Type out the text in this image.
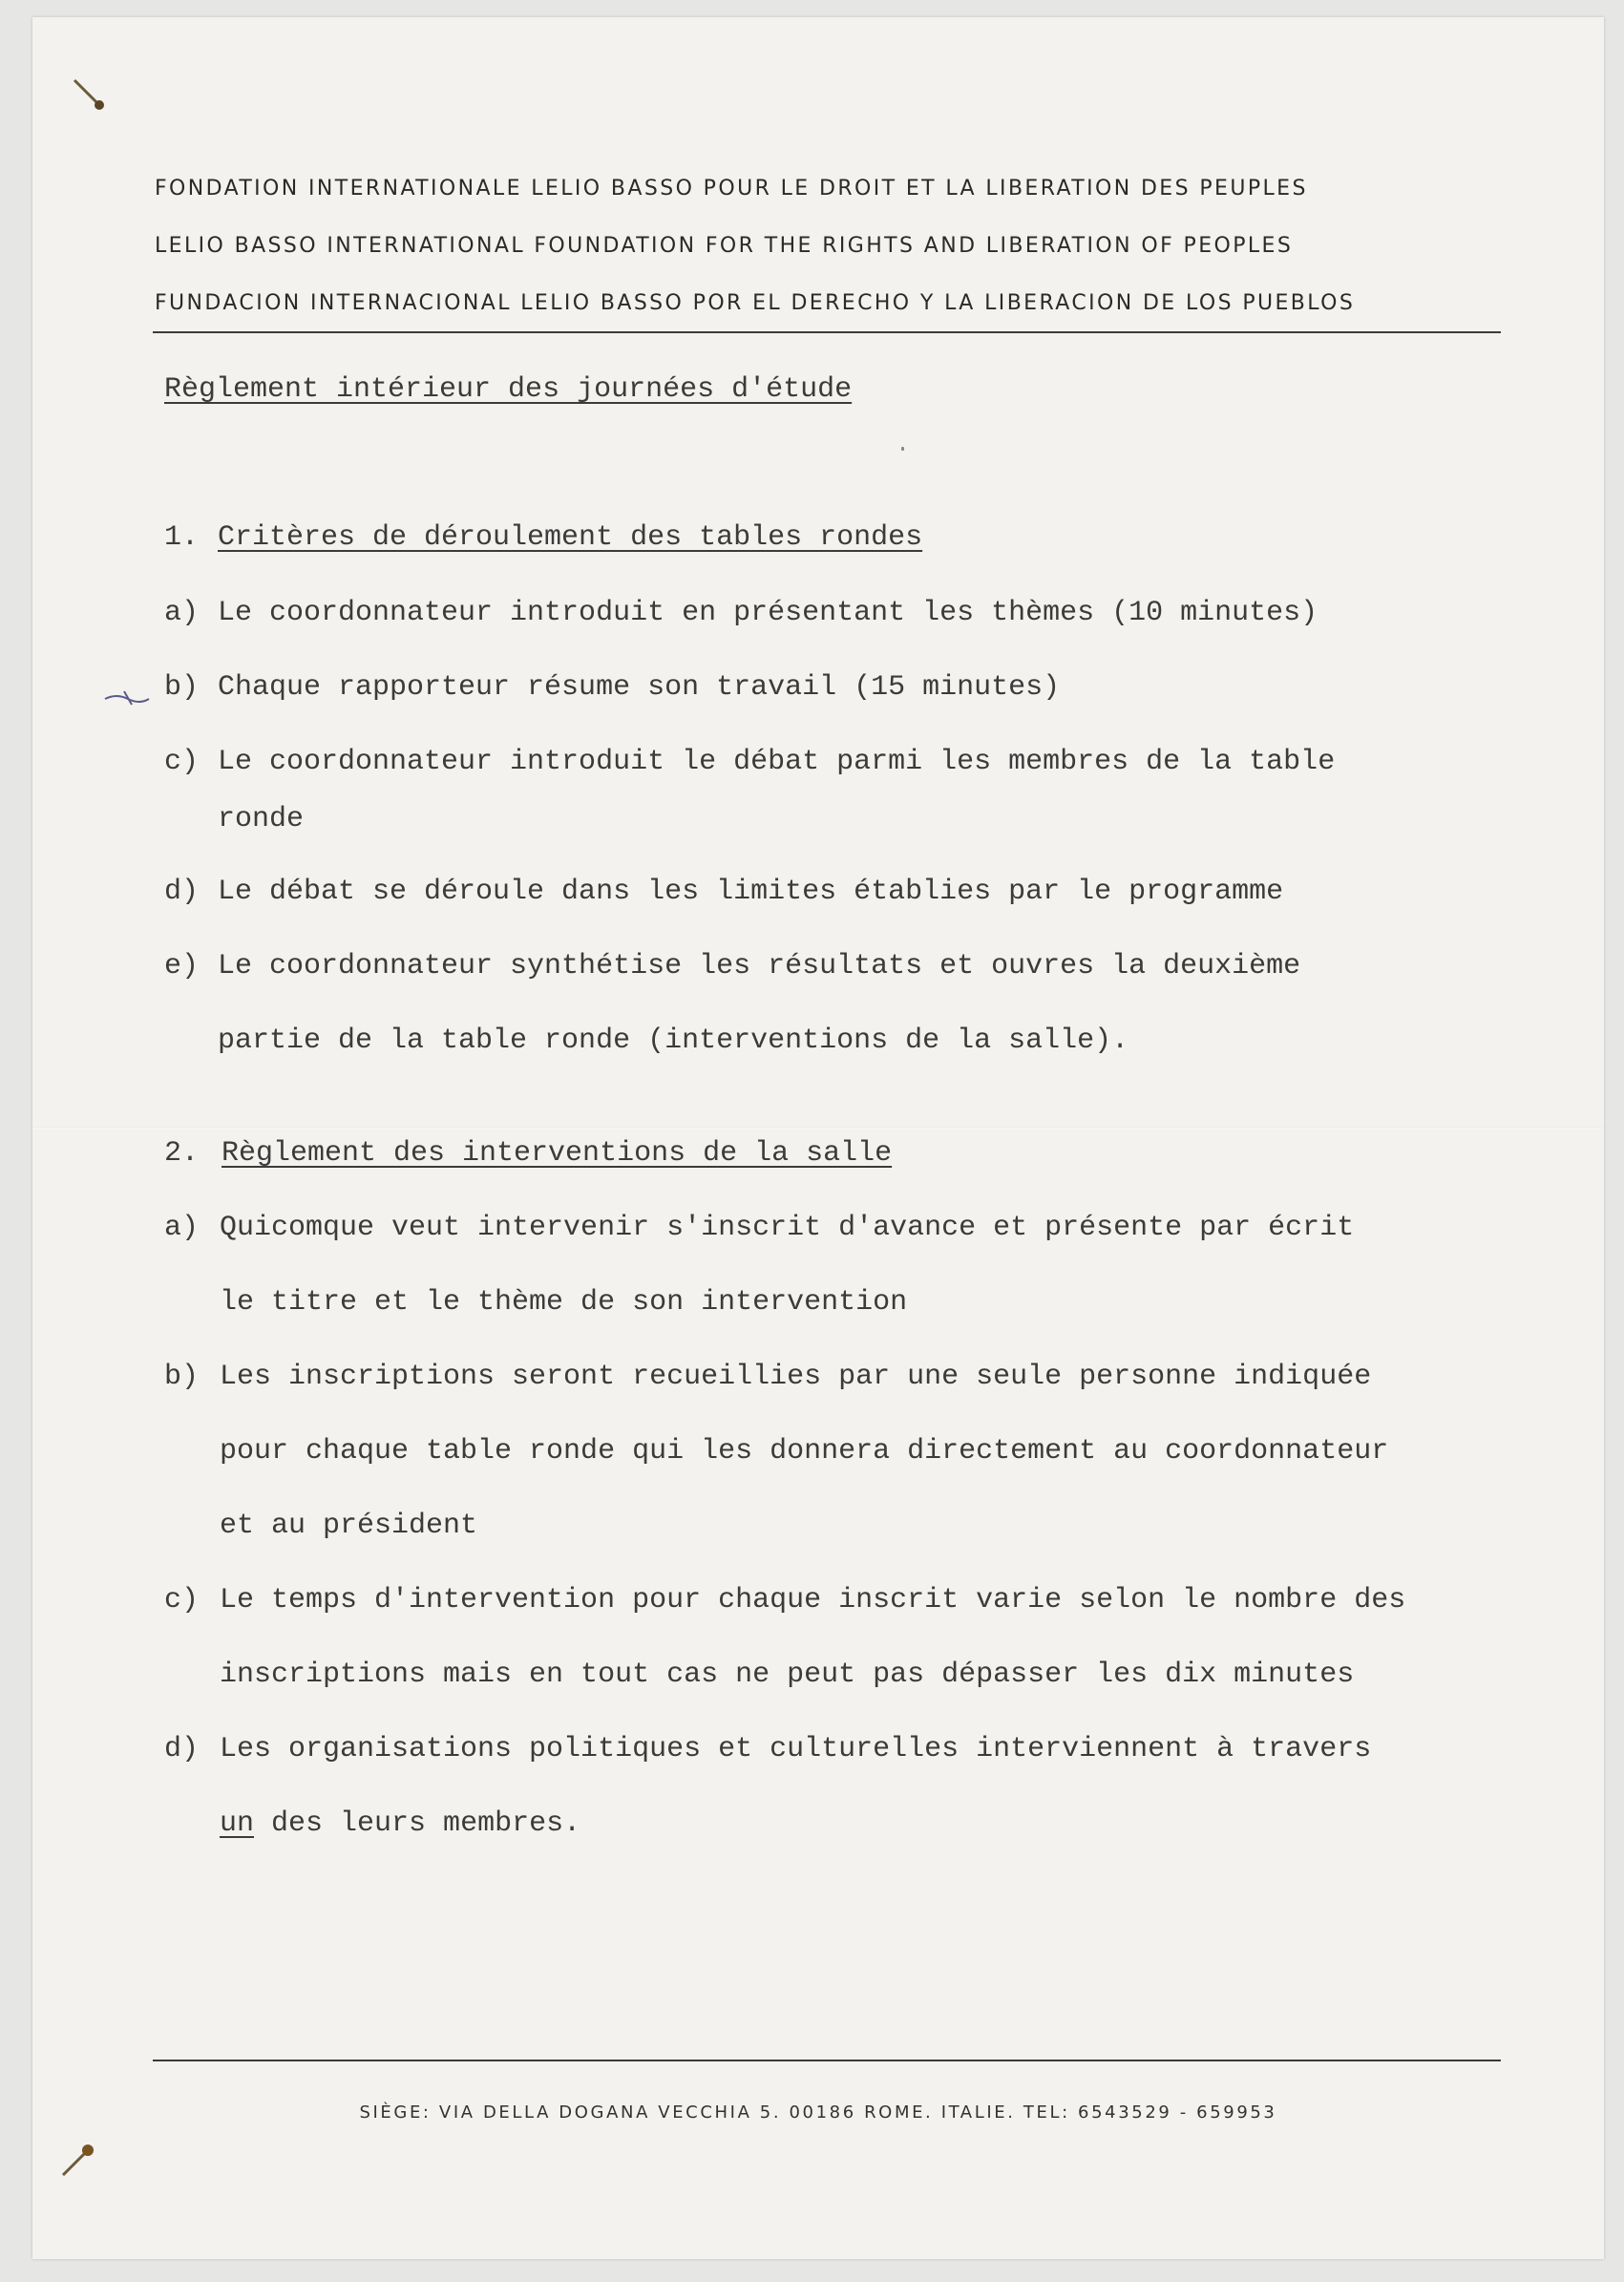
FONDATION INTERNATIONALE LELIO BASSO POUR LE DROIT ET LA LIBERATION DES PEUPLES
LELIO BASSO INTERNATIONAL FOUNDATION FOR THE RIGHTS AND LIBERATION OF PEOPLES
FUNDACION INTERNACIONAL LELIO BASSO POR EL DERECHO Y LA LIBERACION DE LOS PUEBLOS
Règlement intérieur des journées d'étude
1. Critères de déroulement des tables rondes
a) Le coordonnateur introduit en présentant les thèmes (10 minutes)
b) Chaque rapporteur résume son travail (15 minutes)
c) Le coordonnateur introduit le débat parmi les membres de la table
ronde
d) Le débat se déroule dans les limites établies par le programme
e) Le coordonnateur synthétise les résultats et ouvres la deuxième
partie de la table ronde (interventions de la salle).
2. Règlement des interventions de la salle
a) Quicomque veut intervenir s'inscrit d'avance et présente par écrit
le titre et le thème de son intervention
b) Les inscriptions seront recueillies par une seule personne indiquée
pour chaque table ronde qui les donnera directement au coordonnateur
et au président
c) Le temps d'intervention pour chaque inscrit varie selon le nombre des
inscriptions mais en tout cas ne peut pas dépasser les dix minutes
d) Les organisations politiques et culturelles interviennent à travers
un des leurs membres.
SIÈGE: VIA DELLA DOGANA VECCHIA 5. 00186 ROME. ITALIE. TEL: 6543529 - 659953
